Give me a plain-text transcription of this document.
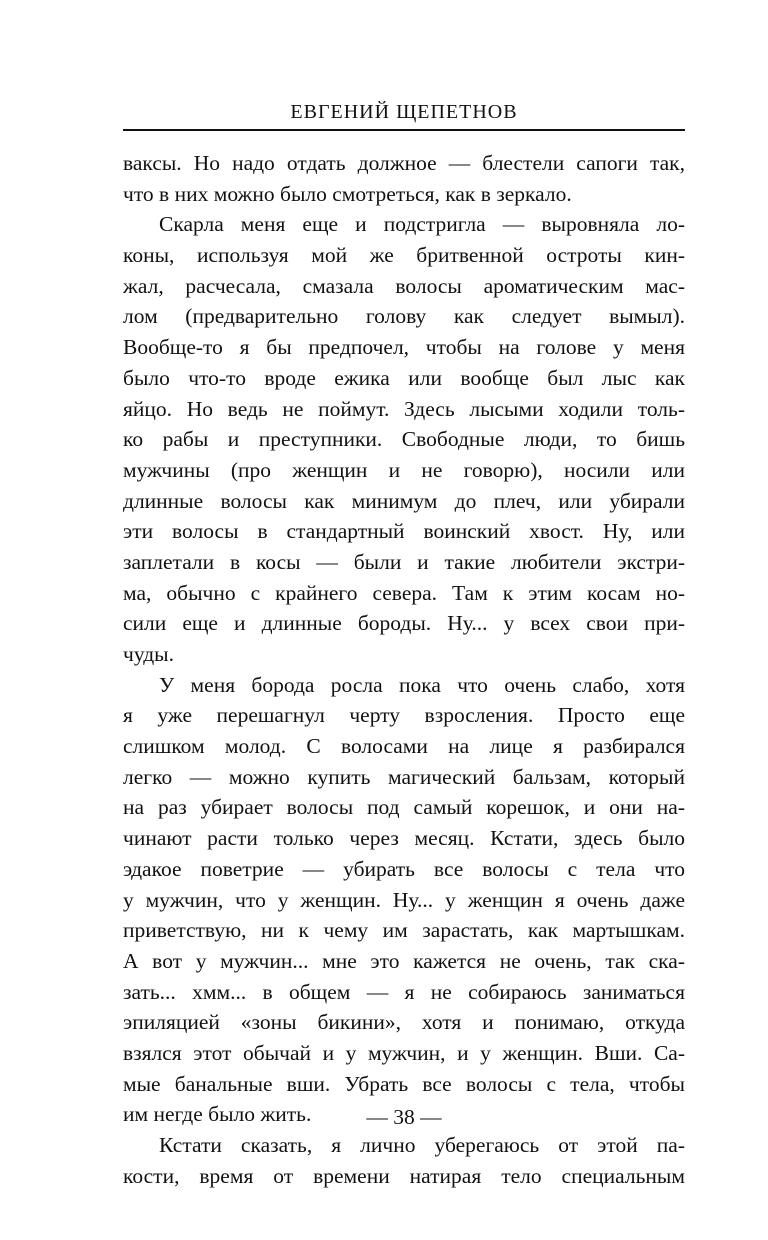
ЕВГЕНИЙ ЩЕПЕТНОВ
ваксы. Но надо отдать должное — блестели сапоги так,
что в них можно было смотреться, как в зеркало.
Скарла меня еще и подстригла — выровняла ло-
коны, используя мой же бритвенной остроты кин-
жал, расчесала, смазала волосы ароматическим мас-
лом (предварительно голову как следует вымыл).
Вообще-то я бы предпочел, чтобы на голове у меня
было что-то вроде ежика или вообще был лыс как
яйцо. Но ведь не поймут. Здесь лысыми ходили толь-
ко рабы и преступники. Свободные люди, то бишь
мужчины (про женщин и не говорю), носили или
длинные волосы как минимум до плеч, или убирали
эти волосы в стандартный воинский хвост. Ну, или
заплетали в косы — были и такие любители экстри-
ма, обычно с крайнего севера. Там к этим косам но-
сили еще и длинные бороды. Ну... у всех свои при-
чуды.
У меня борода росла пока что очень слабо, хотя
я уже перешагнул черту взросления. Просто еще
слишком молод. С волосами на лице я разбирался
легко — можно купить магический бальзам, который
на раз убирает волосы под самый корешок, и они на-
чинают расти только через месяц. Кстати, здесь было
эдакое поветрие — убирать все волосы с тела что
у мужчин, что у женщин. Ну... у женщин я очень даже
приветствую, ни к чему им зарастать, как мартышкам.
А вот у мужчин... мне это кажется не очень, так ска-
зать... хмм... в общем — я не собираюсь заниматься
эпиляцией «зоны бикини», хотя и понимаю, откуда
взялся этот обычай и у мужчин, и у женщин. Вши. Са-
мые банальные вши. Убрать все волосы с тела, чтобы
им негде было жить.
Кстати сказать, я лично уберегаюсь от этой па-
кости, время от времени натирая тело специальным
— 38 —
